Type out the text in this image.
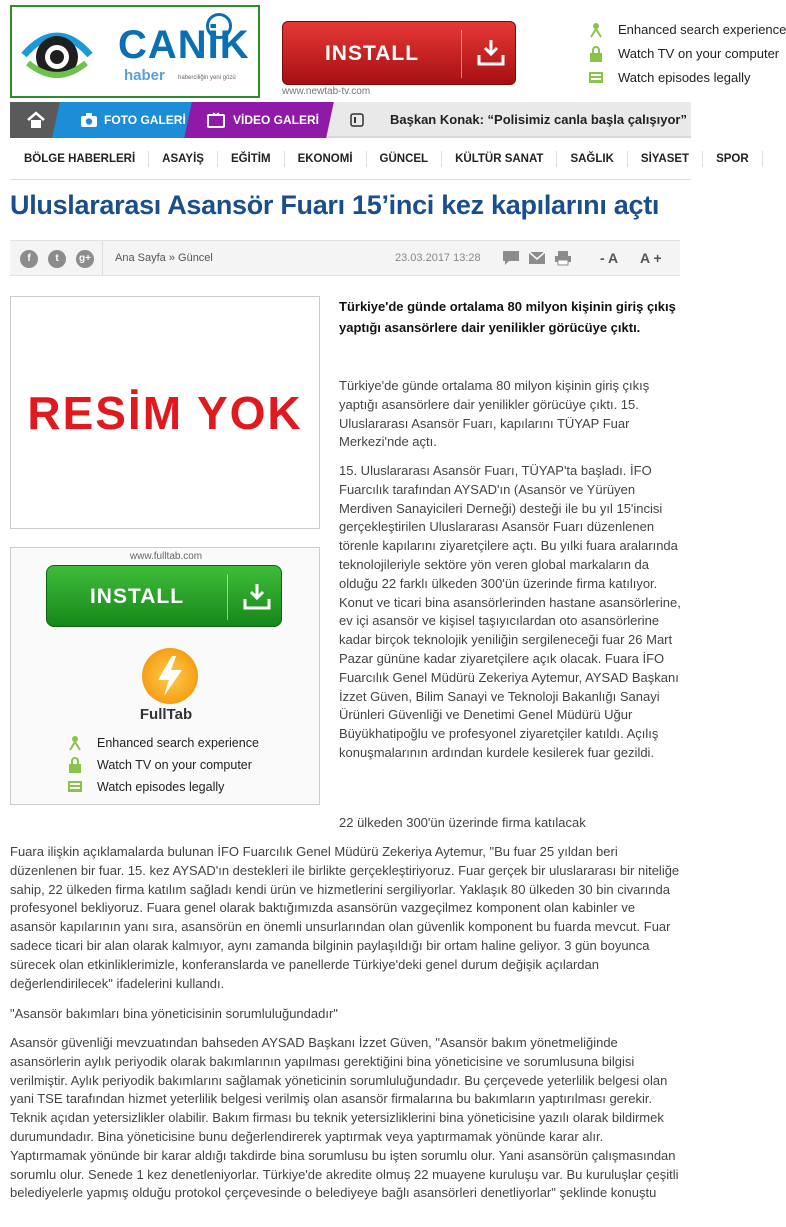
CANİK
haber haberciliğin yeni gözü
INSTALL
www.newtab-tv.com
Enhanced search experience
Watch TV on your computer
Watch episodes legally
FOTO GALERİ	VİDEO GALERİ	Başkan Konak: “Polisimiz canla başla çalışıyor”
BÖLGE HABERLERİ	ASAYİŞ	EĞİTİM	EKONOMİ	GÜNCEL	KÜLTÜR SANAT	SAĞLIK	SİYASET	SPOR
Uluslararası Asansör Fuarı 15’inci kez kapılarını açtı
f	t	g+ Ana Sayfa » Güncel	23.03.2017 13:28	- A A +
RESİM YOK
www.fulltab.com
INSTALL
FullTab
Enhanced search experience
Watch TV on your computer
Watch episodes legally

Türkiye'de günde ortalama 80 milyon kişinin giriş çıkış yaptığı asansörlere dair yenilikler görücüye çıktı.

Türkiye'de günde ortalama 80 milyon kişinin giriş çıkış yaptığı asansörlere dair yenilikler görücüye çıktı. 15. Uluslararası Asansör Fuarı, kapılarını TÜYAP Fuar Merkezi'nde açtı.

15. Uluslararası Asansör Fuarı, TÜYAP'ta başladı. İFO Fuarcılık tarafından AYSAD'ın (Asansör ve Yürüyen Merdiven Sanayicileri Derneği) desteği ile bu yıl 15'incisi gerçekleştirilen Uluslararası Asansör Fuarı düzenlenen törenle kapılarını ziyaretçilere açtı. Bu yılki fuara aralarında teknolojileriyle sektöre yön veren global markaların da olduğu 22 farklı ülkeden 300'ün üzerinde firma katılıyor. Konut ve ticari bina asansörlerinden hastane asansörlerine, ev içi asansör ve kişisel taşıyıcılardan oto asansörlerine kadar birçok teknolojik yeniliğin sergileneceği fuar 26 Mart Pazar gününe kadar ziyaretçilere açık olacak. Fuara İFO Fuarcılık Genel Müdürü Zekeriya Aytemur, AYSAD Başkanı İzzet Güven, Bilim Sanayi ve Teknoloji Bakanlığı Sanayi Ürünleri Güvenliği ve Denetimi Genel Müdürü Uğur Büyükhatipoğlu ve profesyonel ziyaretçiler katıldı. Açılış konuşmalarının ardından kurdele kesilerek fuar gezildi.

22 ülkeden 300'ün üzerinde firma katılacak

Fuara ilişkin açıklamalarda bulunan İFO Fuarcılık Genel Müdürü Zekeriya Aytemur, "Bu fuar 25 yıldan beri düzenlenen bir fuar. 15. kez AYSAD'ın destekleri ile birlikte gerçekleştiriyoruz. Fuar gerçek bir uluslararası bir niteliğe sahip, 22 ülkeden firma katılım sağladı kendi ürün ve hizmetlerini sergiliyorlar. Yaklaşık 80 ülkeden 30 bin civarında profesyonel bekliyoruz. Fuara genel olarak baktığımızda asansörün vazgeçilmez komponent olan kabinler ve asansör kapılarının yanı sıra, asansörün en önemli unsurlarından olan güvenlik komponent bu fuarda mevcut. Fuar sadece ticari bir alan olarak kalmıyor, aynı zamanda bilginin paylaşıldığı bir ortam haline geliyor. 3 gün boyunca sürecek olan etkinliklerimizle, konferanslarda ve panellerde Türkiye'deki genel durum değişik açılardan değerlendirilecek" ifadelerini kullandı.

"Asansör bakımları bina yöneticisinin sorumluluğundadır"

Asansör güvenliği mevzuatından bahseden AYSAD Başkanı İzzet Güven, "Asansör bakım yönetmeliğinde asansörlerin aylık periyodik olarak bakımlarının yapılması gerektiğini bina yöneticisine ve sorumlusuna bilgisi verilmiştir. Aylık periyodik bakımlarını sağlamak yöneticinin sorumluluğundadır. Bu çerçevede yeterlilik belgesi olan yani TSE tarafından hizmet yeterlilik belgesi verilmiş olan asansör firmalarına bu bakımların yaptırılması gerekir. Teknik açıdan yetersizlikler olabilir. Bakım firması bu teknik yetersizliklerini bina yöneticisine yazılı olarak bildirmek durumundadır. Bina yöneticisine bunu değerlendirerek yaptırmak veya yaptırmamak yönünde karar alır. Yaptırmamak yönünde bir karar aldığı takdirde bina sorumlusu bu işten sorumlu olur. Yani asansörün çalışmasından sorumlu olur. Senede 1 kez denetleniyorlar. Türkiye'de akredite olmuş 22 muayene kuruluşu var. Bu kuruluşlar çeşitli belediyelerle yapmış olduğu protokol çerçevesinde o belediyeye bağlı asansörleri denetliyorlar" şeklinde konuştu
